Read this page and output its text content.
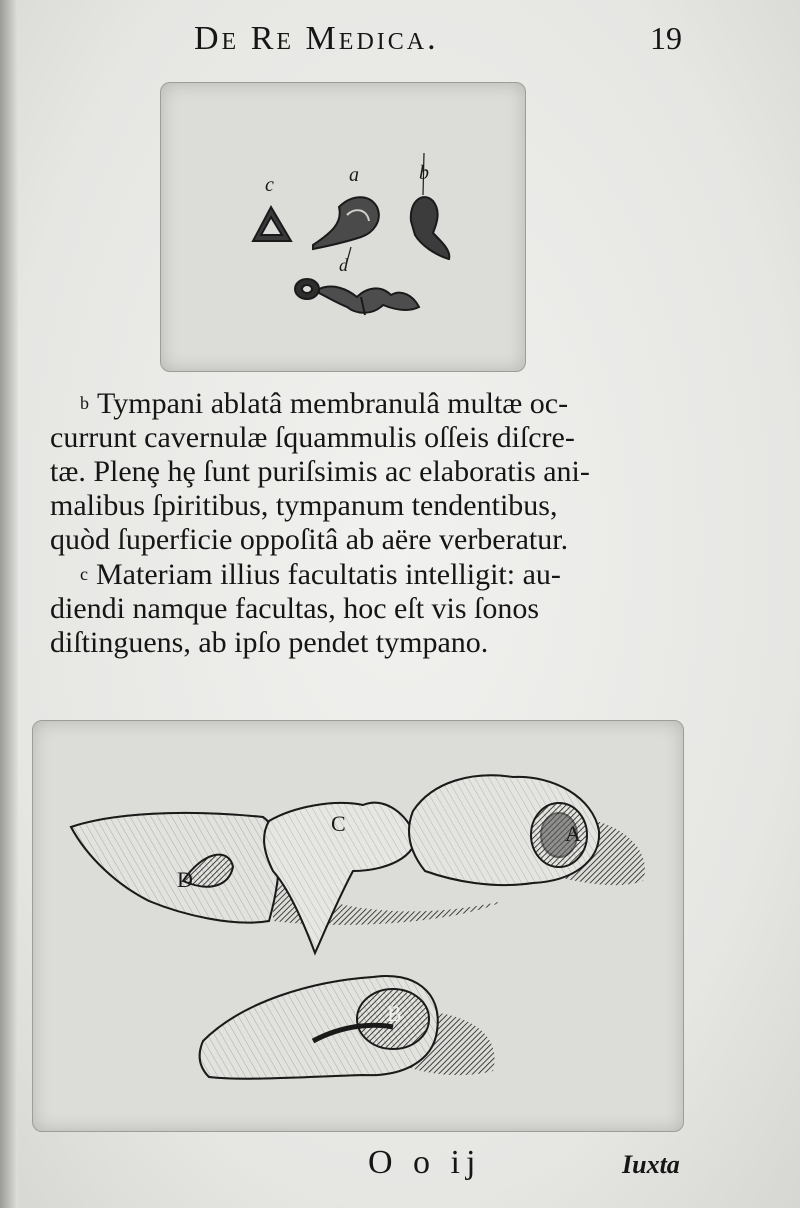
De Re Medica.	19
c	a	b
d
b Tympani ablatâ membranulâ multæ oc-
currunt cavernulæ ſquammulis oſſeis diſcre-
tæ. Plenȩ hȩ ſunt puriſsimis ac elaboratis ani-
malibus ſpiritibus, tympanum tendentibus,
quòd ſuperficie oppoſitâ ab aëre verberatur.
c Materiam illius facultatis intelligit: au-
diendi namque facultas, hoc eſt vis ſonos
diſtinguens, ab ipſo pendet tympano.
D
C	A
B
O o ij	Iuxta
